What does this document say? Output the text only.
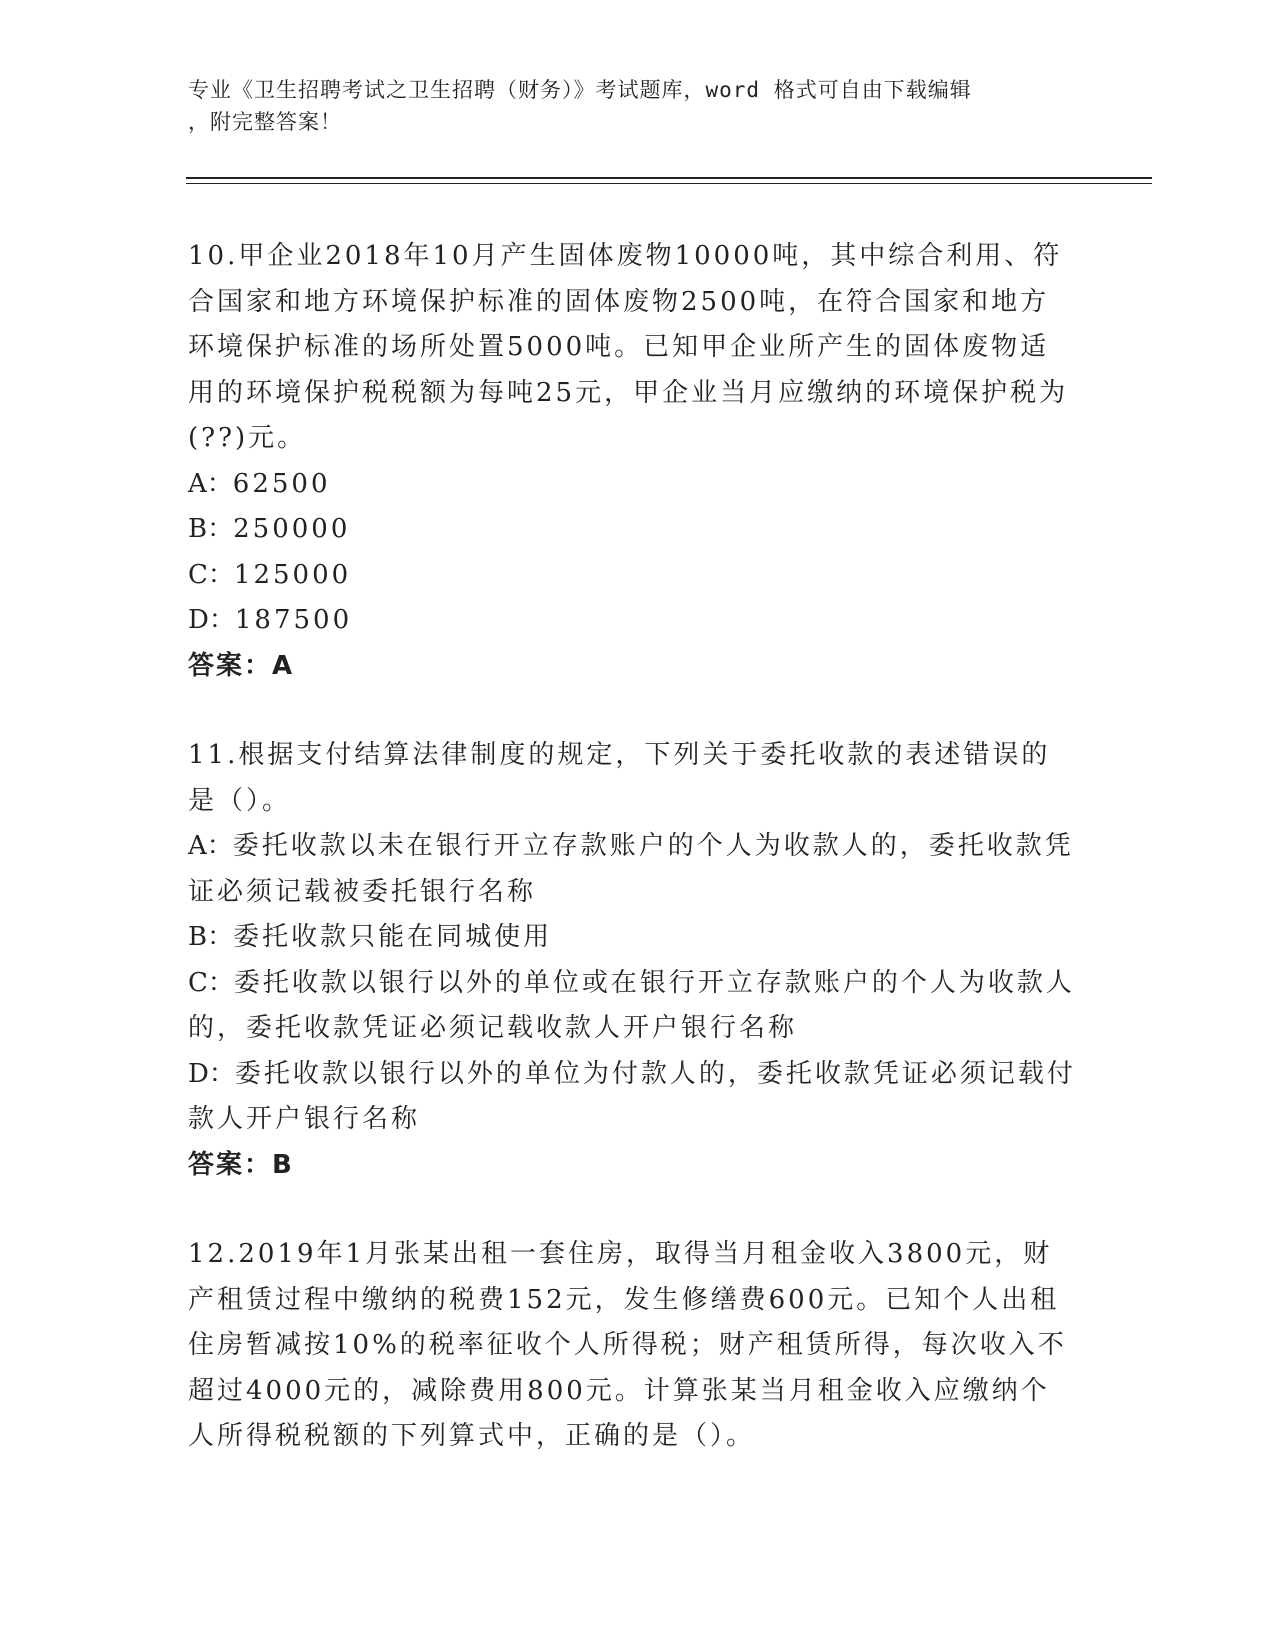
专业《卫生招聘考试之卫生招聘（财务）》考试题库，word 格式可自由下载编辑
，附完整答案！

10.甲企业2018年10月产生固体废物10000吨，其中综合利用、符合国家和地方环境保护标准的固体废物2500吨，在符合国家和地方环境保护标准的场所处置5000吨。已知甲企业所产生的固体废物适用的环境保护税税额为每吨25元，甲企业当月应缴纳的环境保护税为(??)元。

A：62500

B：250000

C：125000

D：187500

答案：A

11.根据支付结算法律制度的规定，下列关于委托收款的表述错误的是（）。

A：委托收款以未在银行开立存款账户的个人为收款人的，委托收款凭证必须记载被委托银行名称

B：委托收款只能在同城使用

C：委托收款以银行以外的单位或在银行开立存款账户的个人为收款人的，委托收款凭证必须记载收款人开户银行名称

D：委托收款以银行以外的单位为付款人的，委托收款凭证必须记载付款人开户银行名称

答案：B

12.2019年1月张某出租一套住房，取得当月租金收入3800元，财产租赁过程中缴纳的税费152元，发生修缮费600元。已知个人出租住房暂减按10%的税率征收个人所得税；财产租赁所得，每次收入不超过4000元的，减除费用800元。计算张某当月租金收入应缴纳个人所得税税额的下列算式中，正确的是（）。
